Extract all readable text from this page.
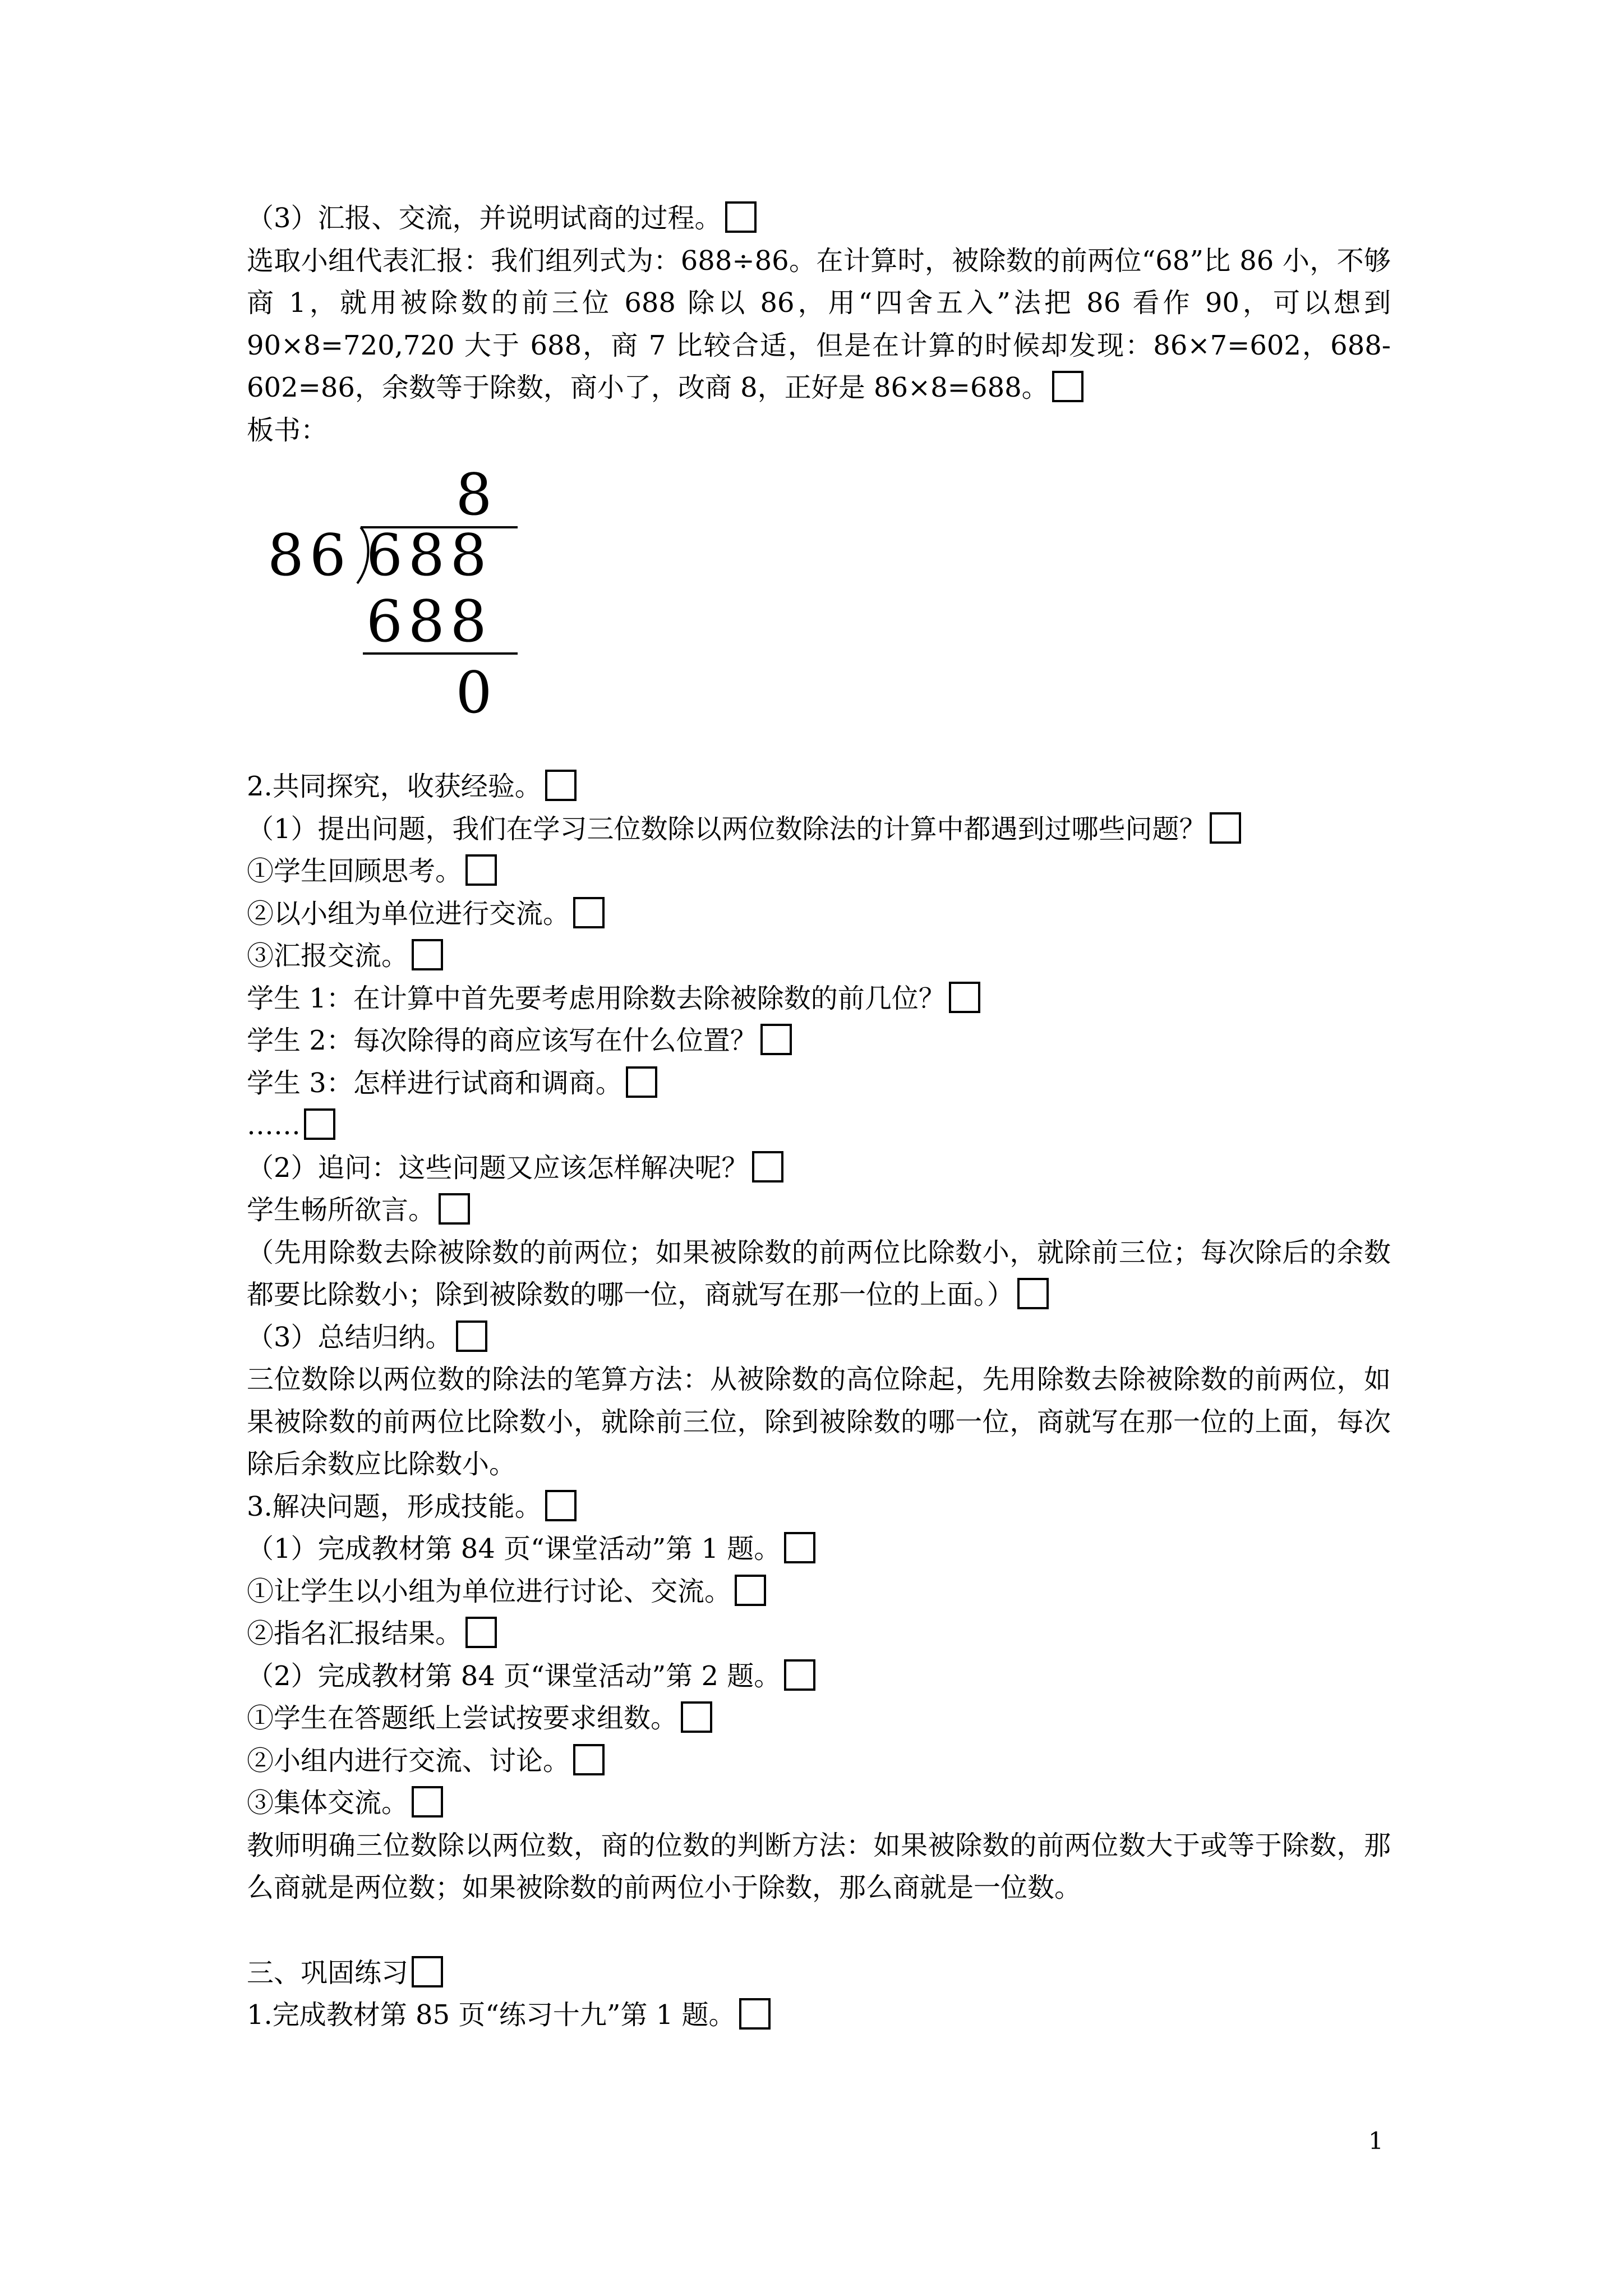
（3）汇报、交流，并说明试商的过程。
选取小组代表汇报：我们组列式为：688÷86。在计算时，被除数的前两位“68”比 86 小，不够商 1，就用被除数的前三位 688 除以 86，用“四舍五入”法把 86 看作 90，可以想到 90×8=720,720 大于 688，商 7 比较合适，但是在计算的时候却发现：86×7=602，688-602=86，余数等于除数，商小了，改商 8，正好是 86×8=688。
板书：
8
86 688
688
0
2.共同探究，收获经验。
（1）提出问题，我们在学习三位数除以两位数除法的计算中都遇到过哪些问题？
①学生回顾思考。
②以小组为单位进行交流。
③汇报交流。
学生 1：在计算中首先要考虑用除数去除被除数的前几位？
学生 2：每次除得的商应该写在什么位置？
学生 3：怎样进行试商和调商。
……
（2）追问：这些问题又应该怎样解决呢？
学生畅所欲言。
（先用除数去除被除数的前两位；如果被除数的前两位比除数小，就除前三位；每次除后的余数都要比除数小；除到被除数的哪一位，商就写在那一位的上面。）
（3）总结归纳。
三位数除以两位数的除法的笔算方法：从被除数的高位除起，先用除数去除被除数的前两位，如果被除数的前两位比除数小，就除前三位，除到被除数的哪一位，商就写在那一位的上面，每次除后余数应比除数小。
3.解决问题，形成技能。
（1）完成教材第 84 页“课堂活动”第 1 题。
①让学生以小组为单位进行讨论、交流。
②指名汇报结果。
（2）完成教材第 84 页“课堂活动”第 2 题。
①学生在答题纸上尝试按要求组数。
②小组内进行交流、讨论。
③集体交流。
教师明确三位数除以两位数，商的位数的判断方法：如果被除数的前两位数大于或等于除数，那么商就是两位数；如果被除数的前两位小于除数，那么商就是一位数。
三、巩固练习
1.完成教材第 85 页“练习十九”第 1 题。
1
